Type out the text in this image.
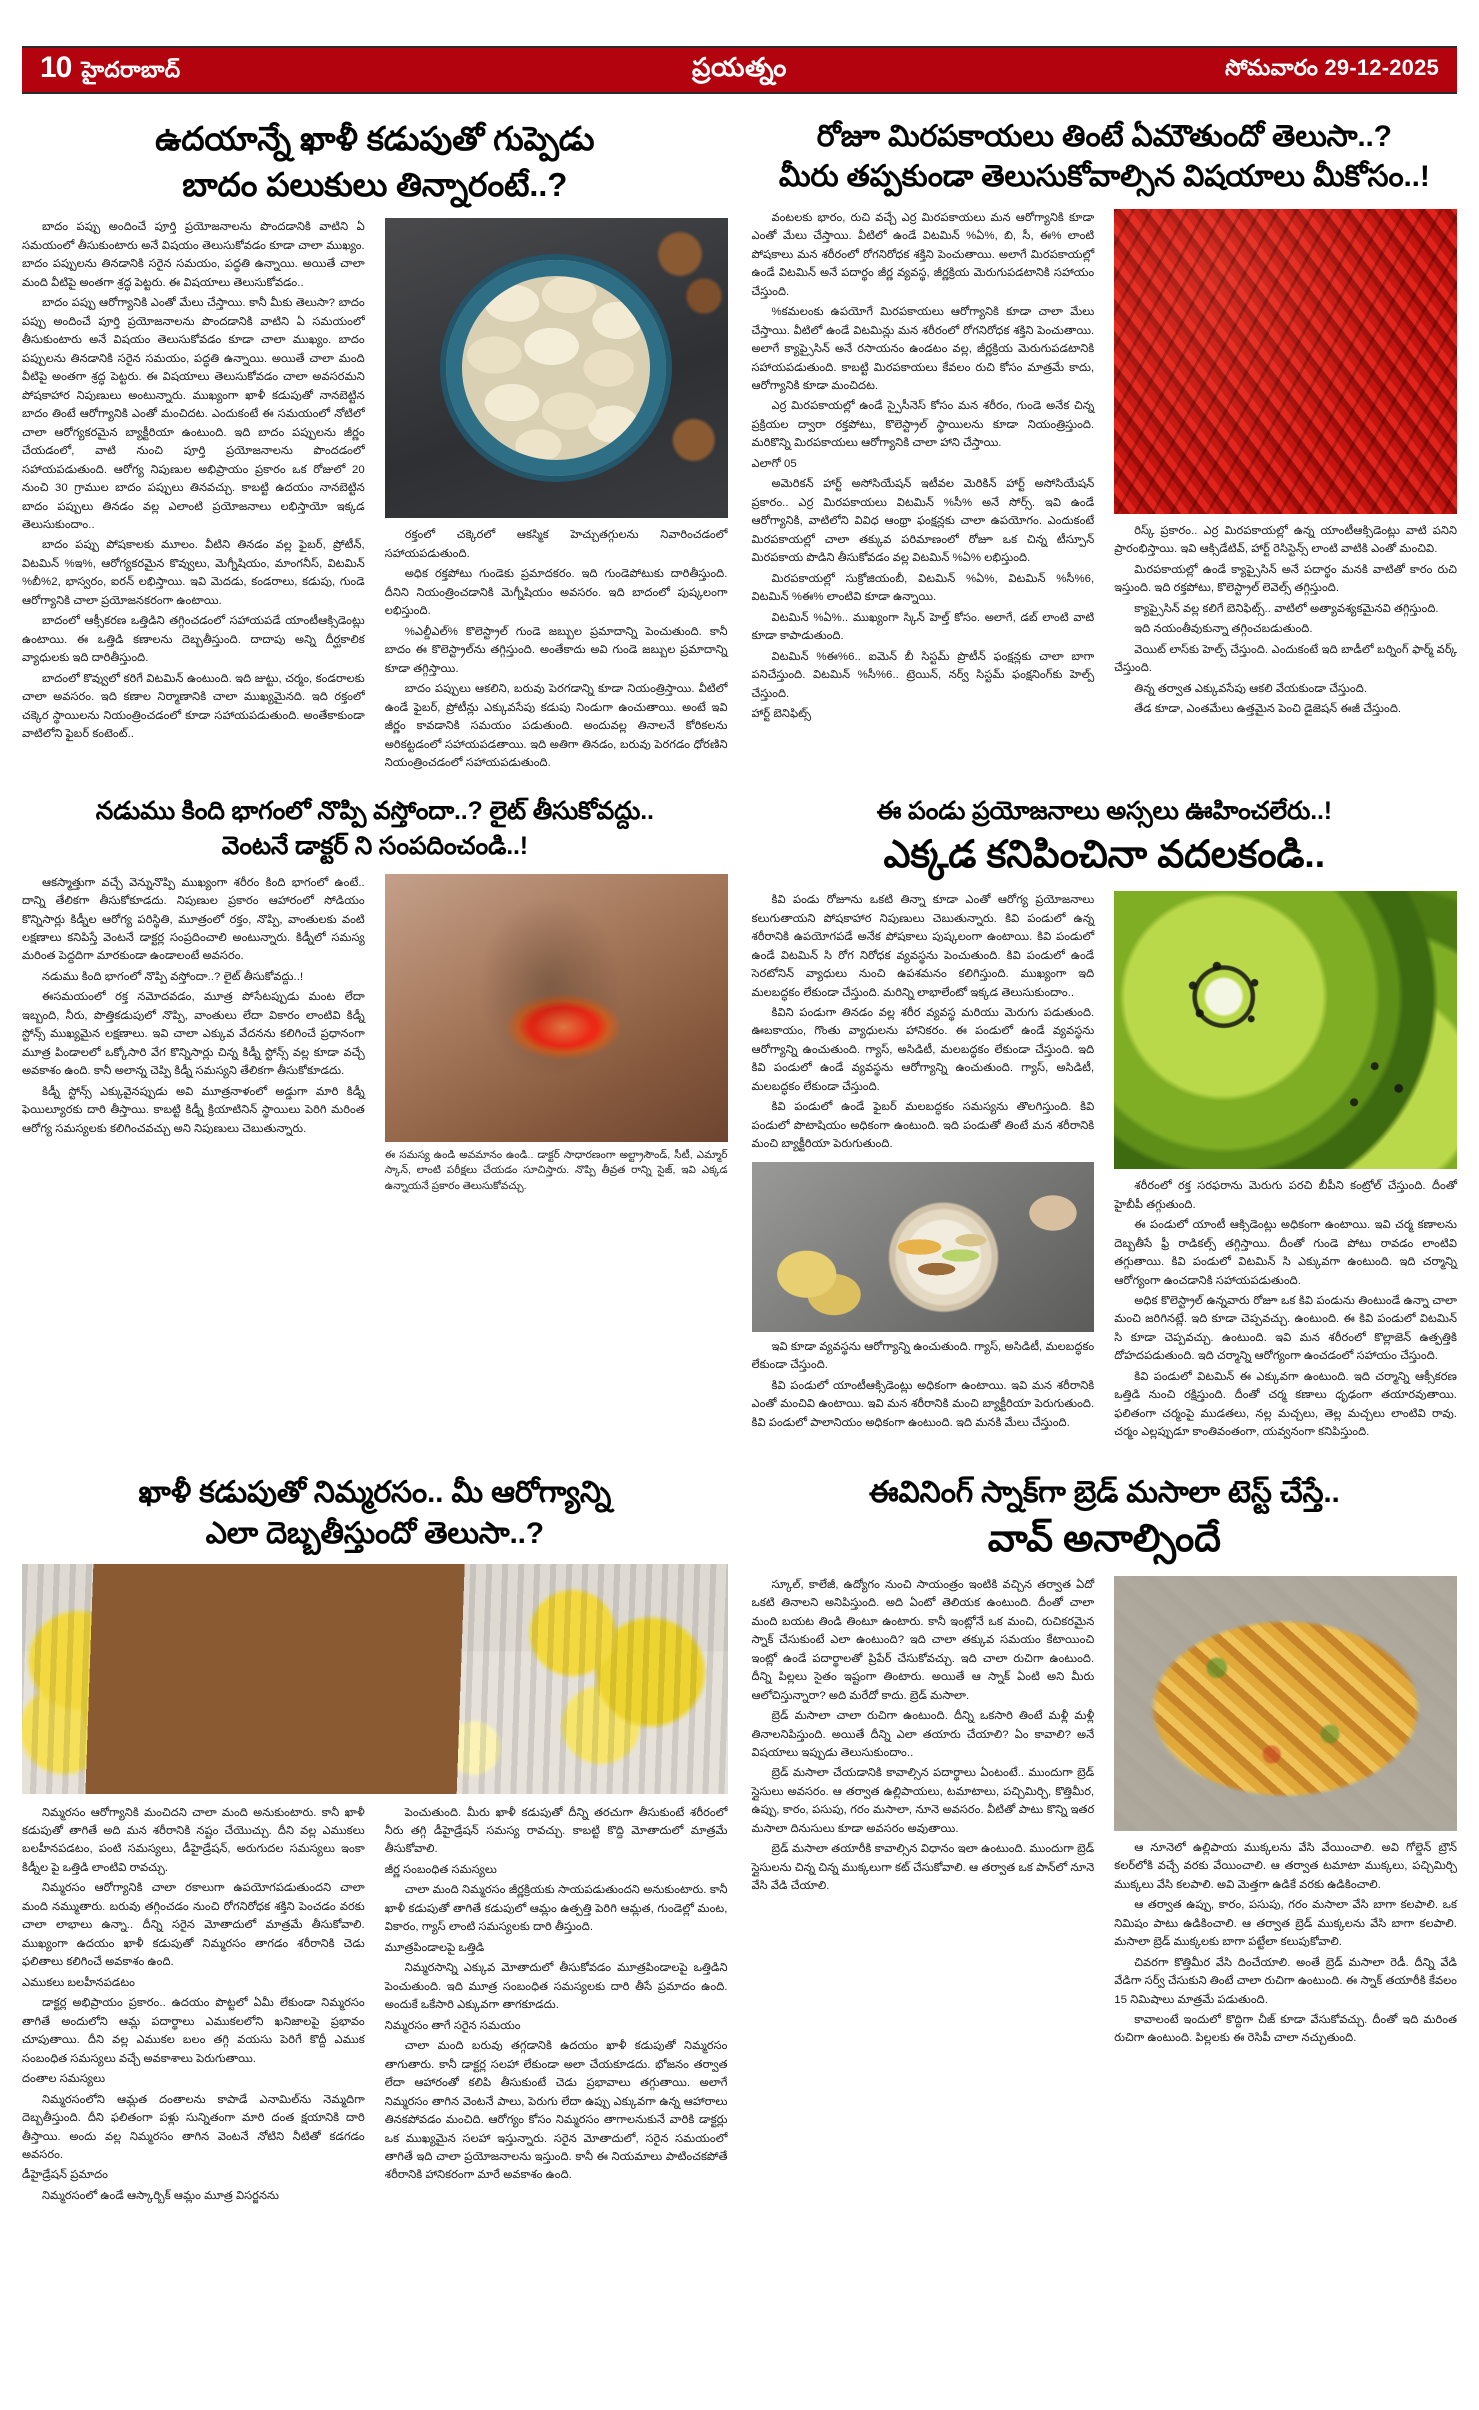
10 హైదరాబాద్	ప్రయత్నం	సోమవారం 29-12-2025
ఉదయాన్నే ఖాళీ కడుపుతో గుప్పెడు
బాదం పలుకులు తిన్నారంటే..?

బాదం పప్పు అందించే పూర్తి ప్రయోజనాలను పొందడానికి వాటిని ఏ సమయంలో తీసుకుంటారు అనే విషయం తెలుసుకోవడం కూడా చాలా ముఖ్యం. బాదం పప్పులను తినడానికి సరైన సమయం, పద్ధతి ఉన్నాయి. అయితే చాలా మంది వీటిపై అంతగా శ్రద్ధ పెట్టరు. ఈ విషయాలు తెలుసుకోవడం..

బాదం పప్పు ఆరోగ్యానికి ఎంతో మేలు చేస్తాయి. కానీ మీకు తెలుసా? బాదం పప్పు అందించే పూర్తి ప్రయోజనాలను పొందడానికి వాటిని ఏ సమయంలో తీసుకుంటారు అనే విషయం తెలుసుకోవడం కూడా చాలా ముఖ్యం. బాదం పప్పులను తినడానికి సరైన సమయం, పద్ధతి ఉన్నాయి. అయితే చాలా మంది వీటిపై అంతగా శ్రద్ధ పెట్టరు. ఈ విషయాలు తెలుసుకోవడం చాలా అవసరమని పోషకాహార నిపుణులు అంటున్నారు. ముఖ్యంగా ఖాళీ కడుపుతో నానబెట్టిన బాదం తింటే ఆరోగ్యానికి ఎంతో మంచిదట. ఎందుకంటే ఈ సమయంలో నోటిలో చాలా ఆరోగ్యకరమైన బ్యాక్టీరియా ఉంటుంది. ఇది బాదం పప్పులను జీర్ణం చేయడంలో, వాటి నుంచి పూర్తి ప్రయోజనాలను పొందడంలో సహాయపడుతుంది. ఆరోగ్య నిపుణుల అభిప్రాయం ప్రకారం ఒక రోజులో 20 నుంచి 30 గ్రాముల బాదం పప్పులు తినవచ్చు. కాబట్టి ఉదయం నానబెట్టిన బాదం పప్పులు తినడం వల్ల ఎలాంటి ప్రయోజనాలు లభిస్తాయో ఇక్కడ తెలుసుకుందాం..

బాదం పప్పు పోషకాలకు మూలం. వీటిని తినడం వల్ల ఫైబర్, ప్రోటీన్, విటమిన్ %ఇ%, ఆరోగ్యకరమైన కొవ్వులు, మెగ్నీషియం, మాంగనీస్, విటమిన్ %బీ%2, భాస్వరం, ఐరన్ లభిస్తాయి. ఇవి మెదడు, కండరాలు, కడుపు, గుండె ఆరోగ్యానికి చాలా ప్రయోజనకరంగా ఉంటాయి.

బాదంలో ఆక్సీకరణ ఒత్తిడిని తగ్గించడంలో సహాయపడే యాంటీఆక్సిడెంట్లు ఉంటాయి. ఈ ఒత్తిడి కణాలను దెబ్బతీస్తుంది. దాదాపు అన్ని దీర్ఘకాలిక వ్యాధులకు ఇది దారితీస్తుంది.

బాదంలో కొవ్వులో కరిగే విటమిన్ ఉంటుంది. ఇది జుట్టు, చర్మం, కండరాలకు చాలా అవసరం. ఇది కణాల నిర్మాణానికి చాలా ముఖ్యమైనది. ఇది రక్తంలో చక్కెర స్థాయిలను నియంత్రించడంలో కూడా సహాయపడుతుంది. అంతేకాకుండా వాటిలోని ఫైబర్ కంటెంట్..

రక్తంలో చక్కెరలో ఆకస్మిక హెచ్చుతగ్గులను నివారించడంలో సహాయపడుతుంది.

అధిక రక్తపోటు గుండెకు ప్రమాదకరం. ఇది గుండెపోటుకు దారితీస్తుంది. దీనిని నియంత్రించడానికి మెగ్నీషియం అవసరం. ఇది బాదంలో పుష్కలంగా లభిస్తుంది.

%ఎల్డీఎల్% కొలెస్ట్రాల్ గుండె జబ్బుల ప్రమాదాన్ని పెంచుతుంది. కానీ బాదం ఈ కొలెస్ట్రాల్‌ను తగ్గిస్తుంది. అంతేకాదు అవి గుండె జబ్బుల ప్రమాదాన్ని కూడా తగ్గిస్తాయి.

బాదం పప్పులు ఆకలిని, బరువు పెరగడాన్ని కూడా నియంత్రిస్తాయి. వీటిలో ఉండే ఫైబర్, ప్రోటీన్లు ఎక్కువసేపు కడుపు నిండుగా ఉంచుతాయి. అంటే ఇవి జీర్ణం కావడానికి సమయం పడుతుంది. అందువల్ల తినాలనే కోరికలను అరికట్టడంలో సహాయపడతాయి. ఇది అతిగా తినడం, బరువు పెరగడం ధోరణిని నియంత్రించడంలో సహాయపడుతుంది.

రోజూ మిరపకాయలు తింటే ఏమౌతుందో తెలుసా..?
మీరు తప్పకుండా తెలుసుకోవాల్సిన విషయాలు మీకోసం..!

వంటలకు భారం, రుచి వచ్చే ఎర్ర మిరపకాయలు మన ఆరోగ్యానికి కూడా ఎంతో మేలు చేస్తాయి. వీటిలో ఉండే విటమిన్ %ఏ%, బి, సీ, ఈ% లాంటి పోషకాలు మన శరీరంలో రోగనిరోధక శక్తిని పెంచుతాయి. అలాగే మిరపకాయల్లో ఉండే విటమిన్ అనే పదార్థం జీర్ణ వ్యవస్థ, జీర్ణక్రియ మెరుగుపడటానికి సహాయం చేస్తుంది.

%కమలంకు ఉపయోగే మిరపకాయలు ఆరోగ్యానికి కూడా చాలా మేలు చేస్తాయి. వీటిలో ఉండే విటమిన్లు మన శరీరంలో రోగనిరోధక శక్తిని పెంచుతాయి. అలాగే క్యాప్సైసిన్ అనే రసాయనం ఉండటం వల్ల, జీర్ణక్రియ మెరుగుపడటానికి సహాయపడుతుంది. కాబట్టి మిరపకాయలు కేవలం రుచి కోసం మాత్రమే కాదు, ఆరోగ్యానికి కూడా మంచిదట.

ఎర్ర మిరపకాయల్లో ఉండే స్పైసీనెస్ కోసం మన శరీరం, గుండె అనేక చిన్న ప్రక్రియల ద్వారా రక్తపోటు, కొలెస్ట్రాల్ స్థాయిలను కూడా నియంత్రిస్తుంది. మరికొన్ని మిరపకాయలు ఆరోగ్యానికి చాలా హాని చేస్తాయి.

ఎలాగో 05

అమెరికన్ హార్ట్ అసోసియేషన్ ఇటీవల మెరికిన్ హార్ట్ అసోసియేషన్ ప్రకారం.. ఎర్ర మిరపకాయలు విటమిన్ %సీ% అనే సోర్స్. ఇవి ఉండే ఆరోగ్యానికి, వాటిలోని వివిధ ఆంథ్రా ఫంక్షన్లకు చాలా ఉపయోగం. ఎందుకంటే మిరపకాయల్లో చాలా తక్కువ పరిమాణంలో రోజూ ఒక చిన్న టీస్పూన్ మిరపకాయ పొడిని తీసుకోవడం వల్ల విటమిన్ %ఏ% లభిస్తుంది.

మిరపకాయల్లో సుక్రోజియంబీ, విటమిన్ %ఏ%, విటమిన్ %సీ%6, విటమిన్ %ఈ% లాంటివి కూడా ఉన్నాయి.

విటమిన్ %ఏ%.. ముఖ్యంగా స్కిన్ హెల్త్ కోసం. అలాగే, డబ్ లాంటి వాటి కూడా కాపాడుతుంది.

విటమిన్ %ఈ%6.. ఐమెన్ బీ సిస్టమ్ ప్రొటీన్ ఫంక్షన్లకు చాలా బాగా పనిచేస్తుంది. విటమిన్ %సీ%6.. ట్రెయిన్, నర్వ్ సిస్టమ్ ఫంక్షనింగ్‌కు హెల్ప్ చేస్తుంది.

హార్ట్ బెనిఫిట్స్

రిస్క్ ప్రకారం.. ఎర్ర మిరపకాయల్లో ఉన్న యాంటీఆక్సిడెంట్లు వాటి పనిని ప్రారంభిస్తాయి. ఇవి ఆక్సిడేటివ్, హార్ట్ రెసిస్టెన్స్ లాంటి వాటికి ఎంతో మంచివి.

మిరపకాయల్లో ఉండే క్యాప్సైసిన్ అనే పదార్థం మనకి వాటితో కారం రుచి ఇస్తుంది. ఇది రక్తపోటు, కొలెస్ట్రాల్ లెవెల్స్ తగ్గిస్తుంది.

క్యాప్సైసిన్ వల్ల కలిగే బెనిఫిట్స్.. వాటిలో అత్యావశ్యకమైనవి తగ్గిస్తుంది.

ఇది నయంతీవుకున్నా తగ్గించబడుతుంది.

వెయిట్ లాస్‌కు హెల్ప్ చేస్తుంది. ఎందుకంటే ఇది బాడీలో బర్నింగ్ ఫార్మ్ వర్క్ చేస్తుంది.

తిన్న తర్వాత ఎక్కువసేపు ఆకలి వేయకుండా చేస్తుంది.

తేడ కూడా, ఎంతమేలు ఉత్తమైన పెంచి డైజెషన్ ఈజీ చేస్తుంది.

నడుము కింది భాగంలో నొప్పి వస్తోందా..? లైట్ తీసుకోవద్దు..
వెంటనే డాక్టర్ ని సంపదించండి..!

ఆకస్మాత్తుగా వచ్చే వెన్నునొప్పి ముఖ్యంగా శరీరం కింది భాగంలో ఉంటే.. దాన్ని తేలికగా తీసుకోకూడదు. నిపుణుల ప్రకారం ఆహారంలో సోడియం కొన్నిసార్లు కిడ్నీల ఆరోగ్య పరిస్థితి, మూత్రంలో రక్తం, నొప్పి, వాంతులకు వంటి లక్షణాలు కనిపిస్తే వెంటనే డాక్టర్ల సంప్రదించాలి అంటున్నారు. కిడ్నీలో సమస్య మరింత పెద్దదిగా మారకుండా ఉండాలంటే అవసరం.

నడుము కింది భాగంలో నొప్పి వస్తోందా..? లైట్ తీసుకోవద్దు..!

ఈసమయంలో రక్త నమోదవడం, మూత్ర పోసేటప్పుడు మంట లేదా ఇబ్బంది, నీరు, పొత్తికడుపులో నొప్పి, వాంతులు లేదా వికారం లాంటివి కిడ్నీ స్టోన్స్ ముఖ్యమైన లక్షణాలు. ఇవి చాలా ఎక్కువ వేదనను కలిగించే ప్రధానంగా మూత్ర పిండాలలో ఒక్కోసారి వేగ కొన్నిసార్లు చిన్న కిడ్నీ స్టోన్స్ వల్ల కూడా వచ్చే అవకాశం ఉంది. కానీ అలాన్న చెప్పి కిడ్నీ సమస్యని తేలికగా తీసుకోకూడదు.

కిడ్నీ స్టోన్స్ ఎక్కువైనప్పుడు అవి మూత్రనాళంలో అడ్డుగా మారి కిడ్నీ ఫెయిల్యూరకు దారి తీస్తాయి. కాబట్టి కిడ్నీ క్రియాటినిన్ స్థాయిలు పెరిగి మరింత ఆరోగ్య సమస్యలకు కలిగించవచ్చు అని నిపుణులు చెబుతున్నారు.

ఈ సమస్య ఉండి అవమానం ఉండి.. డాక్టర్ సాధారణంగా అల్ట్రాసౌండ్, సీటీ, ఎమ్మార్ స్కాన్, లాంటి పరీక్షలు చేయడం సూచిస్తారు. నొప్పి తీవ్రత రాన్ని సైజ్, ఇవి ఎక్కడ ఉన్నాయనే ప్రకారం తెలుసుకోవచ్చు.
ఈ పండు ప్రయోజనాలు అస్సలు ఊహించలేరు..!
ఎక్కడ కనిపించినా వదలకండి..

కివి పండు రోజూను ఒకటి తిన్నా కూడా ఎంతో ఆరోగ్య ప్రయోజనాలు కలుగుతాయని పోషకాహార నిపుణులు చెబుతున్నారు. కివి పండులో ఉన్న శరీరానికి ఉపయోగపడే అనేక పోషకాలు పుష్కలంగా ఉంటాయి. కివి పండులో ఉండే విటమిన్ సి రోగ నిరోధక వ్యవస్థను పెంచుతుంది. కివి పండులో ఉండే సెరటోనిన్ వ్యాధులు నుంచి ఉపశమనం కలిగిస్తుంది. ముఖ్యంగా ఇది మలబద్ధకం లేకుండా చేస్తుంది. మరిన్ని లాభాలేంటో ఇక్కడ తెలుసుకుందాం..

కివిని పండుగా తినడం వల్ల శరీర వ్యవస్థ మరియు మెరుగు పడుతుంది. ఊబకాయం, గొంతు వ్యాధులను హానికరం. ఈ పండులో ఉండే వ్యవస్థను ఆరోగ్యాన్ని ఉంచుతుంది. గ్యాస్, అసిడిటీ, మలబద్ధకం లేకుండా చేస్తుంది. ఇది కివి పండులో ఉండే వ్యవస్థను ఆరోగ్యాన్ని ఉంచుతుంది. గ్యాస్, అసిడిటీ, మలబద్ధకం లేకుండా చేస్తుంది.

కివి పండులో ఉండే ఫైబర్ మలబద్ధకం సమస్యను తొలగిస్తుంది. కివి పండులో పొటాషియం అధికంగా ఉంటుంది. ఇది పండుతో తింటే మన శరీరానికి మంచి బ్యాక్టీరియా పెరుగుతుంది.

ఇవి కూడా వ్యవస్థను ఆరోగ్యాన్ని ఉంచుతుంది. గ్యాస్, అసిడిటీ, మలబద్ధకం లేకుండా చేస్తుంది.

కివి పండులో యాంటీఆక్సిడెంట్లు అధికంగా ఉంటాయి. ఇవి మన శరీరానికి ఎంతో మంచివి ఉంటాయి. ఇవి మన శరీరానికి మంచి బ్యాక్టీరియా పెరుగుతుంది. కివి పండులో పాలానియం అధికంగా ఉంటుంది. ఇది మనకి మేలు చేస్తుంది.

శరీరంలో రక్త సరఫరాను మెరుగు పరచి బీపీని కంట్రోల్ చేస్తుంది. దీంతో హైబీపీ తగ్గుతుంది.

ఈ పండులో యాంటీ ఆక్సిడెంట్లు అధికంగా ఉంటాయి. ఇవి చర్మ కణాలను దెబ్బతీసే ఫ్రీ రాడికల్స్ తగ్గిస్తాయి. దీంతో గుండె పోటు రావడం లాంటివి తగ్గుతాయి. కివి పండులో విటమిన్ సి ఎక్కువగా ఉంటుంది. ఇది చర్మాన్ని ఆరోగ్యంగా ఉంచడానికి సహాయపడుతుంది.

అధిక కొలెస్ట్రాల్ ఉన్నవారు రోజూ ఒక కివి పండును తింటుండే ఉన్నా చాలా మంచి జరిగినట్లే. ఇది కూడా చెప్పవచ్చు. ఉంటుంది. ఈ కివి పండులో విటమిన్ సి కూడా చెప్పవచ్చు. ఉంటుంది. ఇవి మన శరీరంలో కొల్లాజెన్ ఉత్పత్తికి దోహదపడుతుంది. ఇది చర్మాన్ని ఆరోగ్యంగా ఉంచడంలో సహాయం చేస్తుంది.

కివి పండులో విటమిన్ ఈ ఎక్కువగా ఉంటుంది. ఇది చర్మాన్ని ఆక్సీకరణ ఒత్తిడి నుంచి రక్షిస్తుంది. దీంతో చర్మ కణాలు ధృఢంగా తయారవుతాయి. ఫలితంగా చర్మంపై ముడతలు, నల్ల మచ్చలు, తెల్ల మచ్చలు లాంటివి రావు. చర్మం ఎల్లప్పుడూ కాంతివంతంగా, యవ్వనంగా కనిపిస్తుంది.

ఖాళీ కడుపుతో నిమ్మరసం.. మీ ఆరోగ్యాన్ని
ఎలా దెబ్బతీస్తుందో తెలుసా..?

నిమ్మరసం ఆరోగ్యానికి మంచిదని చాలా మంది అనుకుంటారు. కానీ ఖాళీ కడుపుతో తాగితే అది మన శరీరానికి నష్టం చేయొచ్చు. దీని వల్ల ఎముకలు బలహీనపడటం, పంటి సమస్యలు, డీహైడ్రేషన్, అరుగుదల సమస్యలు ఇంకా కిడ్నీల పై ఒత్తిడి లాంటివి రావచ్చు.

నిమ్మరసం ఆరోగ్యానికి చాలా రకాలుగా ఉపయోగపడుతుందని చాలా మంది నమ్ముతారు. బరువు తగ్గించడం నుంచి రోగనిరోధక శక్తిని పెంచడం వరకు చాలా లాభాలు ఉన్నా.. దీన్ని సరైన మోతాదులో మాత్రమే తీసుకోవాలి. ముఖ్యంగా ఉదయం ఖాళీ కడుపుతో నిమ్మరసం తాగడం శరీరానికి చెడు ఫలితాలు కలిగించే అవకాశం ఉంది.

ఎముకలు బలహీనపడటం

డాక్టర్ల అభిప్రాయం ప్రకారం.. ఉదయం పొట్టలో ఏమీ లేకుండా నిమ్మరసం తాగితే అందులోని ఆమ్ల పదార్థాలు ఎముకలలోని ఖనిజాలపై ప్రభావం చూపుతాయి. దీని వల్ల ఎముకల బలం తగ్గి వయసు పెరిగే కొద్దీ ఎముక సంబంధిత సమస్యలు వచ్చే అవకాశాలు పెరుగుతాయి.

దంతాల సమస్యలు

నిమ్మరసంలోని ఆమ్లత దంతాలను కాపాడే ఎనామిల్‌ను నెమ్మదిగా దెబ్బతీస్తుంది. దీని ఫలితంగా పళ్లు సున్నితంగా మారి దంత క్షయానికి దారి తీస్తాయి. అందు వల్ల నిమ్మరసం తాగిన వెంటనే నోటిని నీటితో కడగడం అవసరం.

డీహైడ్రేషన్ ప్రమాదం

నిమ్మరసంలో ఉండే ఆస్కార్బిక్ ఆమ్లం మూత్ర విసర్జనను

పెంచుతుంది. మీరు ఖాళీ కడుపుతో దీన్ని తరచుగా తీసుకుంటే శరీరంలో నీరు తగ్గి డీహైడ్రేషన్ సమస్య రావచ్చు. కాబట్టి కొద్ది మోతాదులో మాత్రమే తీసుకోవాలి.

జీర్ణ సంబంధిత సమస్యలు

చాలా మంది నిమ్మరసం జీర్ణక్రియకు సాయపడుతుందని అనుకుంటారు. కానీ ఖాళీ కడుపుతో తాగితే కడుపులో ఆమ్లం ఉత్పత్తి పెరిగి ఆమ్లత, గుండెల్లో మంట, వికారం, గ్యాస్ లాంటి సమస్యలకు దారి తీస్తుంది.

మూత్రపిండాలపై ఒత్తిడి

నిమ్మరసాన్ని ఎక్కువ మోతాదులో తీసుకోవడం మూత్రపిండాలపై ఒత్తిడిని పెంచుతుంది. ఇది మూత్ర సంబంధిత సమస్యలకు దారి తీసే ప్రమాదం ఉంది. అందుకే ఒకేసారి ఎక్కువగా తాగకూడదు.

నిమ్మరసం తాగే సరైన సమయం

చాలా మంది బరువు తగ్గడానికి ఉదయం ఖాళీ కడుపుతో నిమ్మరసం తాగుతారు. కానీ డాక్టర్ల సలహా లేకుండా అలా చేయకూడదు. భోజనం తర్వాత లేదా ఆహారంతో కలిపి తీసుకుంటే చెడు ప్రభావాలు తగ్గుతాయి. అలాగే నిమ్మరసం తాగిన వెంటనే పాలు, పెరుగు లేదా ఉప్పు ఎక్కువగా ఉన్న ఆహారాలు తినకపోవడం మంచిది. ఆరోగ్యం కోసం నిమ్మరసం తాగాలనుకునే వారికి డాక్టర్లు ఒక ముఖ్యమైన సలహా ఇస్తున్నారు. సరైన మోతాదులో, సరైన సమయంలో తాగితే ఇది చాలా ప్రయోజనాలను ఇస్తుంది. కానీ ఈ నియమాలు పాటించకపోతే శరీరానికి హానికరంగా మారే అవకాశం ఉంది.

ఈవినింగ్ స్నాక్‌గా బ్రెడ్ మసాలా టెస్ట్ చేస్తే..
వావ్ అనాల్సిందే

స్కూల్, కాలేజీ, ఉద్యోగం నుంచి సాయంత్రం ఇంటికి వచ్చిన తర్వాత ఏదో ఒకటి తినాలని అనిపిస్తుంది. అది ఏంటో తెలియక ఉంటుంది. దీంతో చాలా మంది బయట తిండి తింటూ ఉంటారు. కానీ ఇంట్లోనే ఒక మంచి, రుచికరమైన స్నాక్ చేసుకుంటే ఎలా ఉంటుంది? ఇది చాలా తక్కువ సమయం కేటాయించి ఇంట్లో ఉండే పదార్థాలతో ప్రిపేర్ చేసుకోవచ్చు. ఇది చాలా రుచిగా ఉంటుంది. దీన్ని పిల్లలు సైతం ఇష్టంగా తింటారు. అయితే ఆ స్నాక్ ఏంటి అని మీరు ఆలోచిస్తున్నారా? అది మరేదో కాదు. బ్రెడ్ మసాలా.

బ్రెడ్ మసాలా చాలా రుచిగా ఉంటుంది. దీన్ని ఒకసారి తింటే మళ్లీ మళ్లీ తినాలనిపిస్తుంది. అయితే దీన్ని ఎలా తయారు చేయాలి? ఏం కావాలి? అనే విషయాలు ఇప్పుడు తెలుసుకుందాం..

బ్రెడ్ మసాలా చేయడానికి కావాల్సిన పదార్థాలు ఏంటంటే.. ముందుగా బ్రెడ్ స్లైసులు అవసరం. ఆ తర్వాత ఉల్లిపాయలు, టమాటాలు, పచ్చిమిర్చి, కొత్తిమీర, ఉప్పు, కారం, పసుపు, గరం మసాలా, నూనె అవసరం. వీటితో పాటు కొన్ని ఇతర మసాలా దినుసులు కూడా అవసరం అవుతాయి.

బ్రెడ్ మసాలా తయారీకి కావాల్సిన విధానం ఇలా ఉంటుంది. ముందుగా బ్రెడ్ స్లైసులను చిన్న చిన్న ముక్కలుగా కట్ చేసుకోవాలి. ఆ తర్వాత ఒక పాన్‌లో నూనె వేసి వేడి చేయాలి.

ఆ నూనెలో ఉల్లిపాయ ముక్కలను వేసి వేయించాలి. అవి గోల్డెన్ బ్రౌన్ కలర్‌లోకి వచ్చే వరకు వేయించాలి. ఆ తర్వాత టమాటా ముక్కలు, పచ్చిమిర్చి ముక్కలు వేసి కలపాలి. అవి మెత్తగా ఉడికే వరకు ఉడికించాలి.

ఆ తర్వాత ఉప్పు, కారం, పసుపు, గరం మసాలా వేసి బాగా కలపాలి. ఒక నిమిషం పాటు ఉడికించాలి. ఆ తర్వాత బ్రెడ్ ముక్కలను వేసి బాగా కలపాలి. మసాలా బ్రెడ్ ముక్కలకు బాగా పట్టేలా కలుపుకోవాలి.

చివరగా కొత్తిమీర వేసి దించేయాలి. అంతే బ్రెడ్ మసాలా రెడీ. దీన్ని వేడి వేడిగా సర్వ్ చేసుకుని తింటే చాలా రుచిగా ఉంటుంది. ఈ స్నాక్ తయారీకి కేవలం 15 నిమిషాలు మాత్రమే పడుతుంది.

కావాలంటే ఇందులో కొద్దిగా చీజ్ కూడా వేసుకోవచ్చు. దీంతో ఇది మరింత రుచిగా ఉంటుంది. పిల్లలకు ఈ రెసిపీ చాలా నచ్చుతుంది.
